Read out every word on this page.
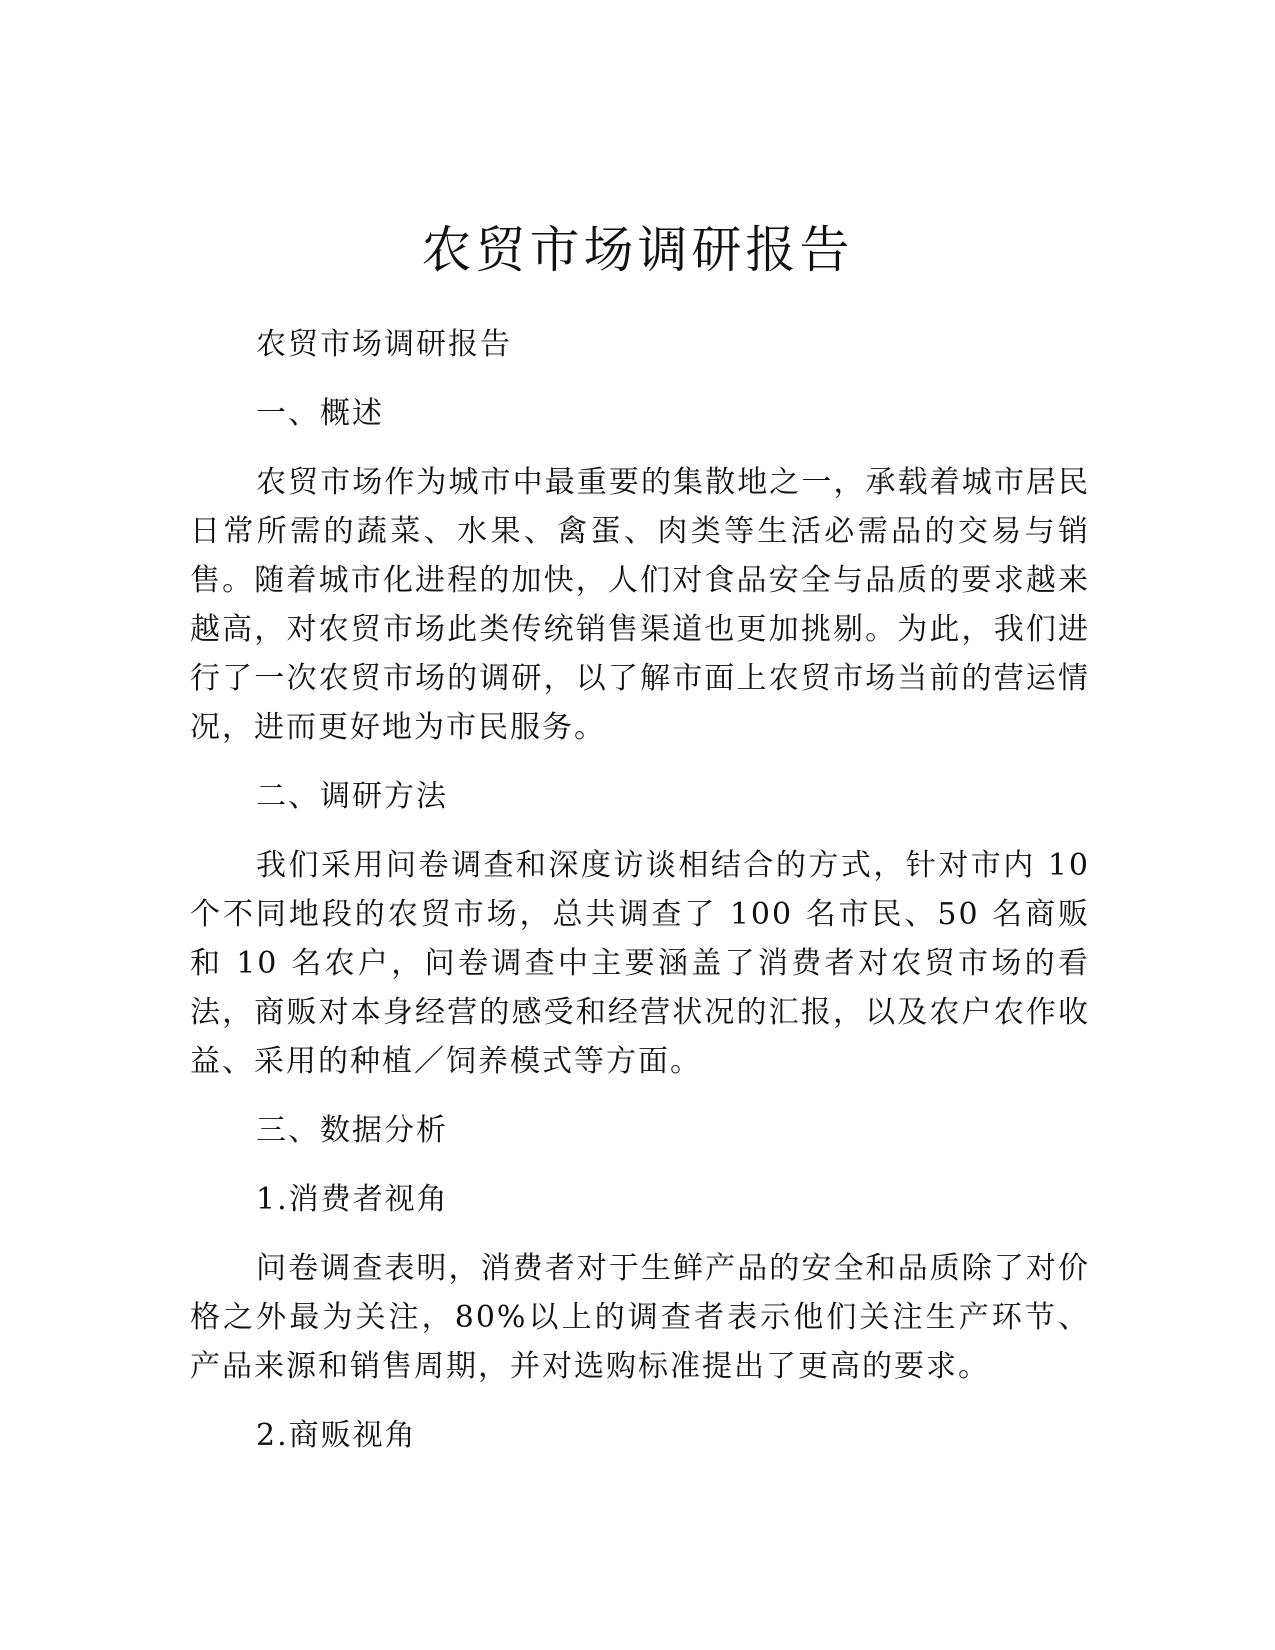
农贸市场调研报告

农贸市场调研报告

一、概述

农贸市场作为城市中最重要的集散地之一，承载着城市居民日常所需的蔬菜、水果、禽蛋、肉类等生活必需品的交易与销售。随着城市化进程的加快，人们对食品安全与品质的要求越来越高，对农贸市场此类传统销售渠道也更加挑剔。为此，我们进行了一次农贸市场的调研，以了解市面上农贸市场当前的营运情况，进而更好地为市民服务。

二、调研方法

我们采用问卷调查和深度访谈相结合的方式，针对市内 10 个不同地段的农贸市场，总共调查了 100 名市民、50 名商贩和 10 名农户，问卷调查中主要涵盖了消费者对农贸市场的看法，商贩对本身经营的感受和经营状况的汇报，以及农户农作收益、采用的种植／饲养模式等方面。

三、数据分析

1.消费者视角

问卷调查表明，消费者对于生鲜产品的安全和品质除了对价格之外最为关注，80%以上的调查者表示他们关注生产环节、产品来源和销售周期，并对选购标准提出了更高的要求。

2.商贩视角
